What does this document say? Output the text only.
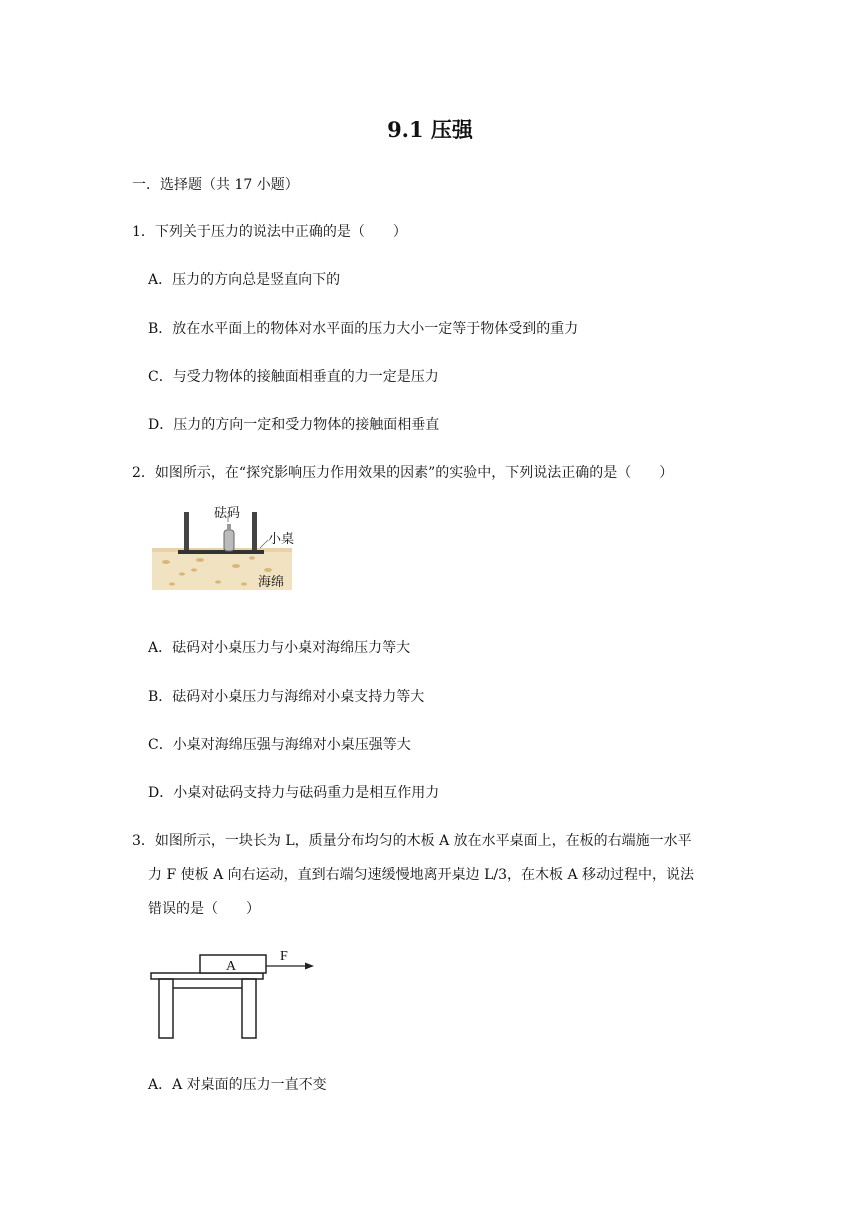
9.1 压强
一．选择题（共 17 小题）
1．下列关于压力的说法中正确的是（　　）
A．压力的方向总是竖直向下的
B．放在水平面上的物体对水平面的压力大小一定等于物体受到的重力
C．与受力物体的接触面相垂直的力一定是压力
D．压力的方向一定和受力物体的接触面相垂直
2．如图所示，在“探究影响压力作用效果的因素”的实验中，下列说法正确的是（　　）
砝码
小桌
海绵
A．砝码对小桌压力与小桌对海绵压力等大
B．砝码对小桌压力与海绵对小桌支持力等大
C．小桌对海绵压强与海绵对小桌压强等大
D．小桌对砝码支持力与砝码重力是相互作用力
3．如图所示，一块长为 L，质量分布均匀的木板 A 放在水平桌面上，在板的右端施一水平
力 F 使板 A 向右运动，直到右端匀速缓慢地离开桌边 L/3，在木板 A 移动过程中，说法
错误的是（　　）
A
F
A．A 对桌面的压力一直不变
